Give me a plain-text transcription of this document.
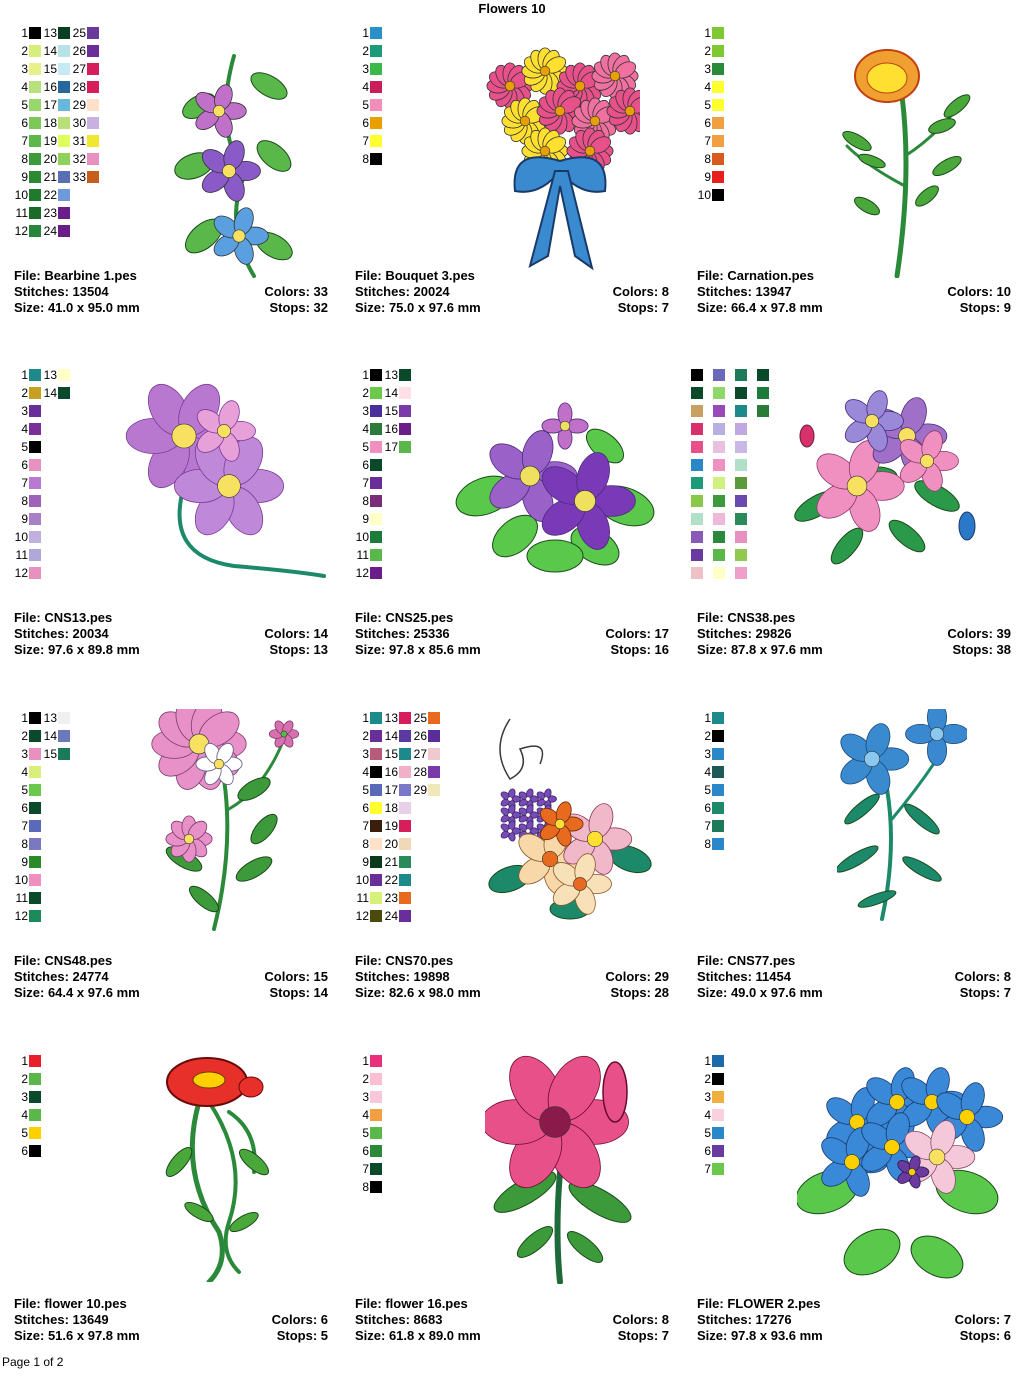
Flowers 10
1
2
3
4
5
6
7
8
9
10
11
12
13
14
15
16
17
18
19
20
21
22
23
24
25
26
27
28
29
30
31
32
33
File: Bearbine 1.pes
Stitches: 13504	Colors: 33
Size: 41.0 x 95.0 mm	Stops: 32
1
2
3
4
5
6
7
8
File: Bouquet 3.pes
Stitches: 20024	Colors: 8
Size: 75.0 x 97.6 mm	Stops: 7
1
2
3
4
5
6
7
8
9
10
File: Carnation.pes
Stitches: 13947	Colors: 10
Size: 66.4 x 97.8 mm	Stops: 9
1
2
3
4
5
6
7
8
9
10
11
12
13
14
File: CNS13.pes
Stitches: 20034	Colors: 14
Size: 97.6 x 89.8 mm	Stops: 13
1
2
3
4
5
6
7
8
9
10
11
12
13
14
15
16
17
File: CNS25.pes
Stitches: 25336	Colors: 17
Size: 97.8 x 85.6 mm	Stops: 16
File: CNS38.pes
Stitches: 29826	Colors: 39
Size: 87.8 x 97.6 mm	Stops: 38
1
2
3
4
5
6
7
8
9
10
11
12
13
14
15
File: CNS48.pes
Stitches: 24774	Colors: 15
Size: 64.4 x 97.6 mm	Stops: 14
1
2
3
4
5
6
7
8
9
10
11
12
13
14
15
16
17
18
19
20
21
22
23
24
25
26
27
28
29
File: CNS70.pes
Stitches: 19898	Colors: 29
Size: 82.6 x 98.0 mm	Stops: 28
1
2
3
4
5
6
7
8
File: CNS77.pes
Stitches: 11454	Colors: 8
Size: 49.0 x 97.6 mm	Stops: 7
1
2
3
4
5
6
File: flower 10.pes
Stitches: 13649	Colors: 6
Size: 51.6 x 97.8 mm	Stops: 5
1
2
3
4
5
6
7
8
File: flower 16.pes
Stitches: 8683	Colors: 8
Size: 61.8 x 89.0 mm	Stops: 7
1
2
3
4
5
6
7
File: FLOWER 2.pes
Stitches: 17276	Colors: 7
Size: 97.8 x 93.6 mm	Stops: 6
Page 1 of 2
